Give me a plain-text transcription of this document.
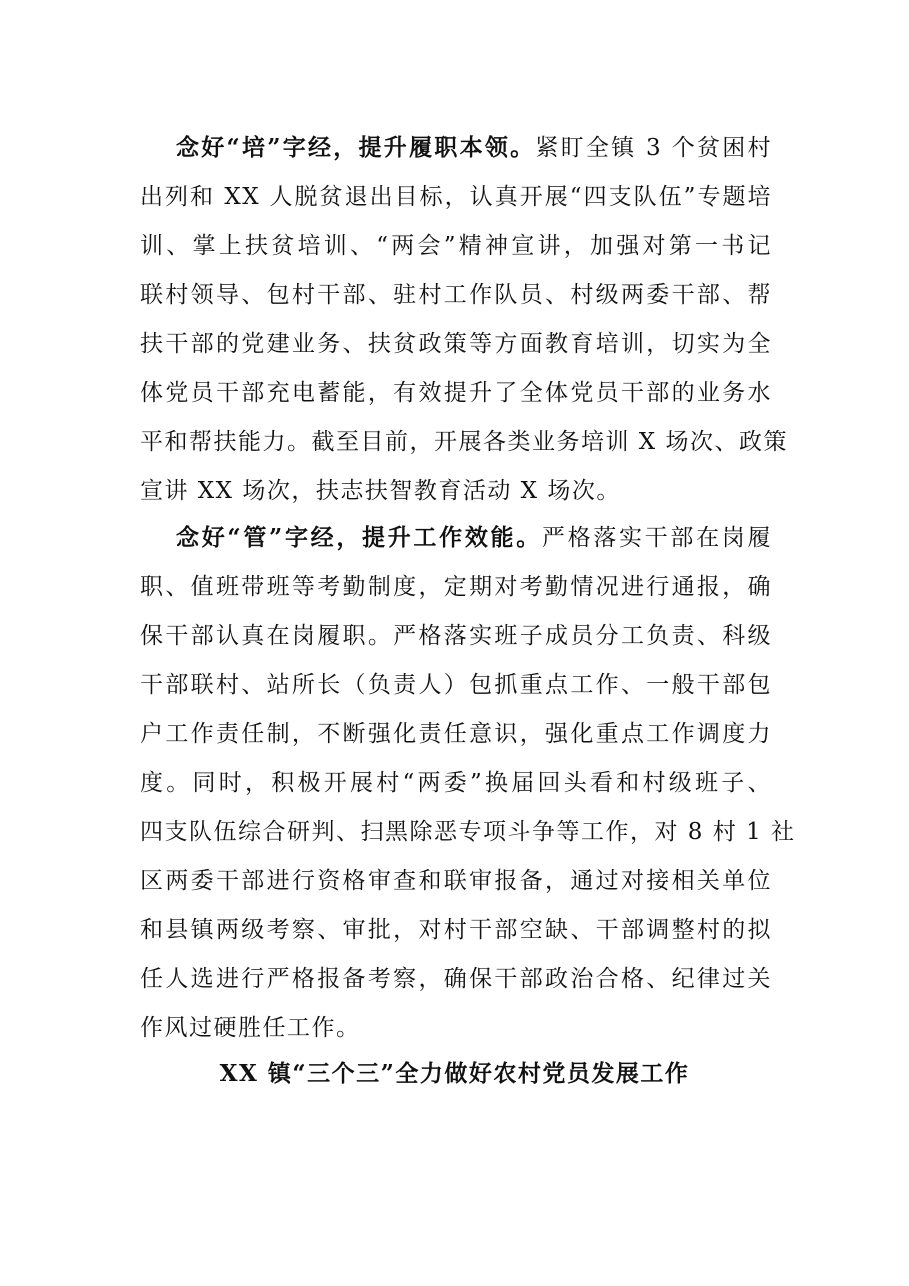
念好“培”字经，提升履职本领。紧盯全镇 3 个贫困村
出列和 XX 人脱贫退出目标，认真开展“四支队伍”专题培
训、掌上扶贫培训、“两会”精神宣讲，加强对第一书记
联村领导、包村干部、驻村工作队员、村级两委干部、帮
扶干部的党建业务、扶贫政策等方面教育培训，切实为全
体党员干部充电蓄能，有效提升了全体党员干部的业务水
平和帮扶能力。截至目前，开展各类业务培训 X 场次、政策
宣讲 XX 场次，扶志扶智教育活动 X 场次。
念好“管”字经，提升工作效能。严格落实干部在岗履
职、值班带班等考勤制度，定期对考勤情况进行通报，确
保干部认真在岗履职。严格落实班子成员分工负责、科级
干部联村、站所长（负责人）包抓重点工作、一般干部包
户工作责任制，不断强化责任意识，强化重点工作调度力
度。同时，积极开展村“两委”换届回头看和村级班子、
四支队伍综合研判、扫黑除恶专项斗争等工作，对 8 村 1 社
区两委干部进行资格审查和联审报备，通过对接相关单位
和县镇两级考察、审批，对村干部空缺、干部调整村的拟
任人选进行严格报备考察，确保干部政治合格、纪律过关
作风过硬胜任工作。
XX 镇“三个三”全力做好农村党员发展工作
